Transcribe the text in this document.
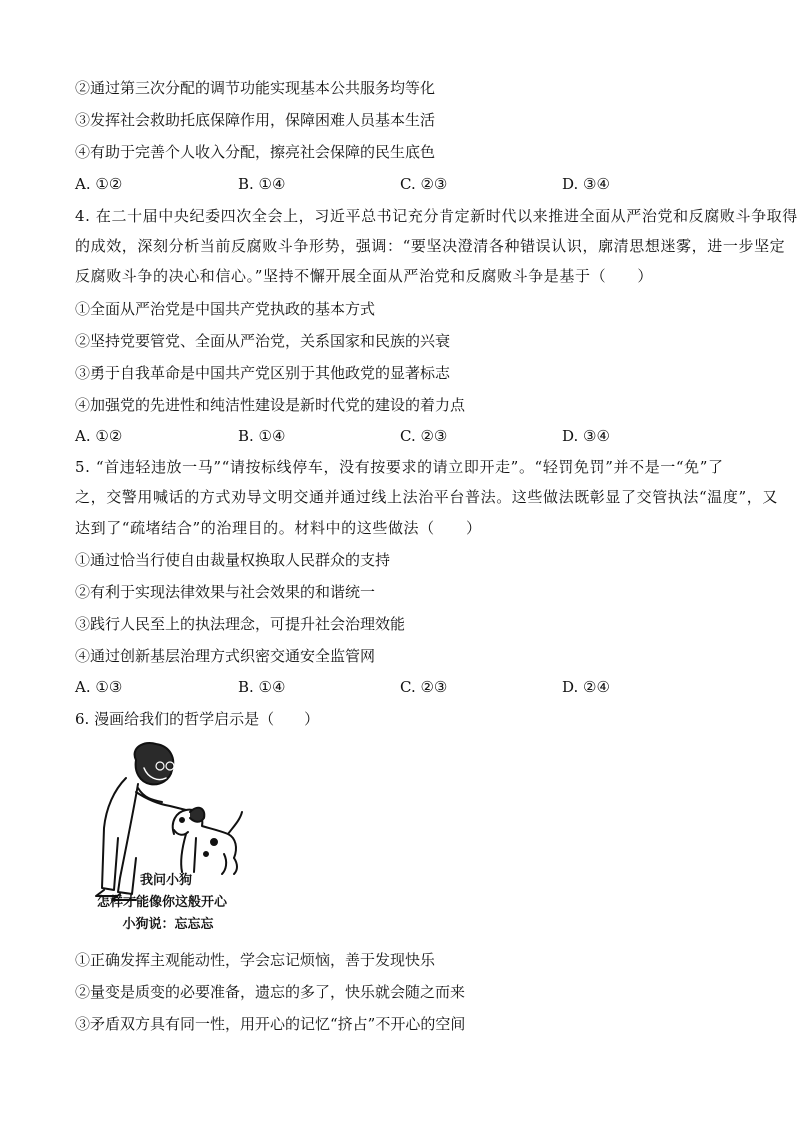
②通过第三次分配的调节功能实现基本公共服务均等化
③发挥社会救助托底保障作用，保障困难人员基本生活
④有助于完善个人收入分配，擦亮社会保障的民生底色
A. ①②	B. ①④	C. ②③	D. ③④
4. 在二十届中央纪委四次全会上，习近平总书记充分肯定新时代以来推进全面从严治党和反腐败斗争取得
的成效，深刻分析当前反腐败斗争形势，强调：“要坚决澄清各种错误认识，廓清思想迷雾，进一步坚定
反腐败斗争的决心和信心。”坚持不懈开展全面从严治党和反腐败斗争是基于（　　）
①全面从严治党是中国共产党执政的基本方式
②坚持党要管党、全面从严治党，关系国家和民族的兴衰
③勇于自我革命是中国共产党区别于其他政党的显著标志
④加强党的先进性和纯洁性建设是新时代党的建设的着力点
A. ①②	B. ①④	C. ②③	D. ③④
5. “首违轻违放一马”“请按标线停车，没有按要求的请立即开走”。“轻罚免罚”并不是一“免”了
之，交警用喊话的方式劝导文明交通并通过线上法治平台普法。这些做法既彰显了交管执法“温度”，又
达到了“疏堵结合”的治理目的。材料中的这些做法（　　）
①通过恰当行使自由裁量权换取人民群众的支持
②有利于实现法律效果与社会效果的和谐统一
③践行人民至上的执法理念，可提升社会治理效能
④通过创新基层治理方式织密交通安全监管网
A. ①③	B. ①④	C. ②③	D. ②④
6. 漫画给我们的哲学启示是（　　）
我问小狗
怎样才能像你这般开心
小狗说：忘忘忘
①正确发挥主观能动性，学会忘记烦恼，善于发现快乐
②量变是质变的必要准备，遗忘的多了，快乐就会随之而来
③矛盾双方具有同一性，用开心的记忆“挤占”不开心的空间
